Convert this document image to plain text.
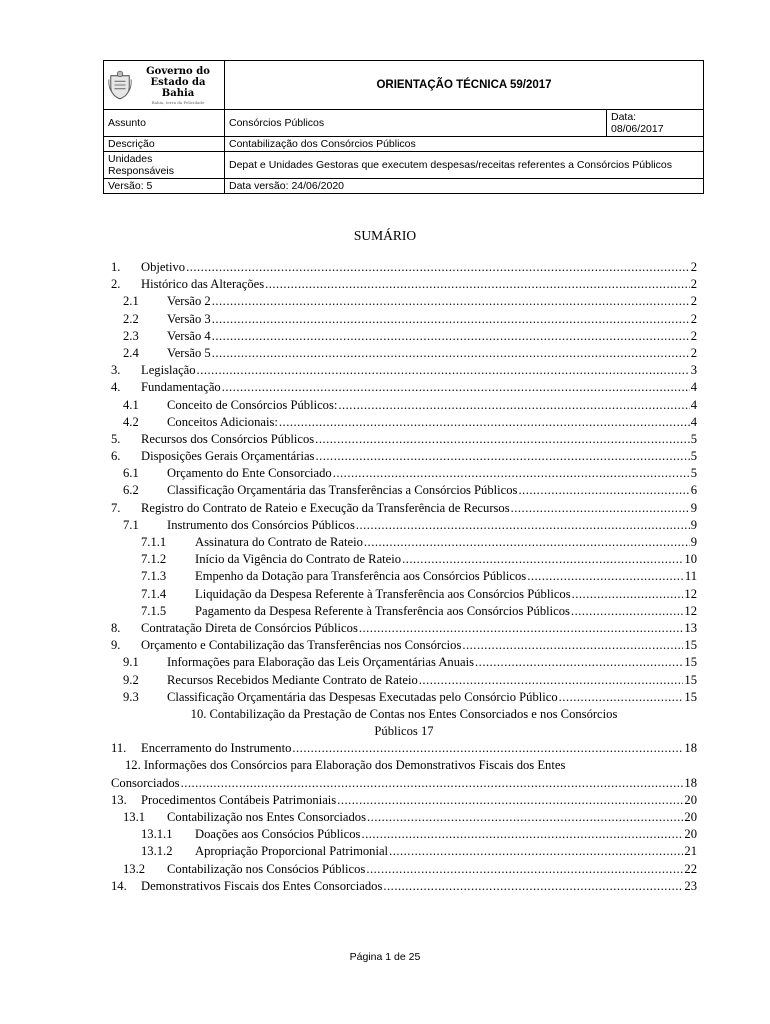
Governo do
Estado da Bahia
Bahia, terra da Felicidade	ORIENTAÇÃO TÉCNICA 59/2017	
Assunto	Consórcios Públicos	Data:
08/06/2017

Descrição	Contabilização dos Consórcios Públicos	
Unidades Responsáveis	Depat e Unidades Gestoras que executem despesas/receitas referentes a Consórcios Públicos	
Versão: 5	Data versão: 24/06/2020	
SUMÁRIO
1.	Objetivo .....	2
2.	Histórico das Alterações .....	2
2.1	Versão 2 .....	2
2.2	Versão 3 .....	2
2.3	Versão 4 .....	2
2.4	Versão 5 .....	2
3.	Legislação .....	3
4.	Fundamentação .....	4
4.1	Conceito de Consórcios Públicos: .....	4
4.2	Conceitos Adicionais: .....	4
5.	Recursos dos Consórcios Públicos .....	5
6.	Disposições Gerais Orçamentárias .....	5
6.1	Orçamento do Ente Consorciado .....	5
6.2	Classificação Orçamentária das Transferências a Consórcios Públicos .....	6
7.	Registro do Contrato de Rateio e Execução da Transferência de Recursos .....	9
7.1	Instrumento dos Consórcios Públicos .....	9
7.1.1	Assinatura do Contrato de Rateio .....	9
7.1.2	Início da Vigência do Contrato de Rateio .....	10
7.1.3	Empenho da Dotação para Transferência aos Consórcios Públicos .....	11
7.1.4	Liquidação da Despesa Referente à Transferência aos Consórcios Públicos .....	12
7.1.5	Pagamento da Despesa Referente à Transferência aos Consórcios Públicos .....	12
8.	Contratação Direta de Consórcios Públicos .....	13
9.	Orçamento e Contabilização das Transferências nos Consórcios .....	15
9.1	Informações para Elaboração das Leis Orçamentárias Anuais .....	15
9.2	Recursos Recebidos Mediante Contrato de Rateio .....	15
9.3	Classificação Orçamentária das Despesas Executadas pelo Consórcio Público .....	15
10. Contabilização da Prestação de Contas nos Entes Consorciados e nos Consórcios
Públicos 17
11.	Encerramento do Instrumento .....	18
12. Informações dos Consórcios para Elaboração dos Demonstrativos Fiscais dos Entes
Consorciados .....	18
13.	Procedimentos Contábeis Patrimoniais .....	20
13.1	Contabilização nos Entes Consorciados .....	20
13.1.1	Doações aos Consócios Públicos .....	20
13.1.2	Apropriação Proporcional Patrimonial .....	21
13.2	Contabilização nos Consócios Públicos .....	22
14.	Demonstrativos Fiscais dos Entes Consorciados .....	23
Página 1 de 25
